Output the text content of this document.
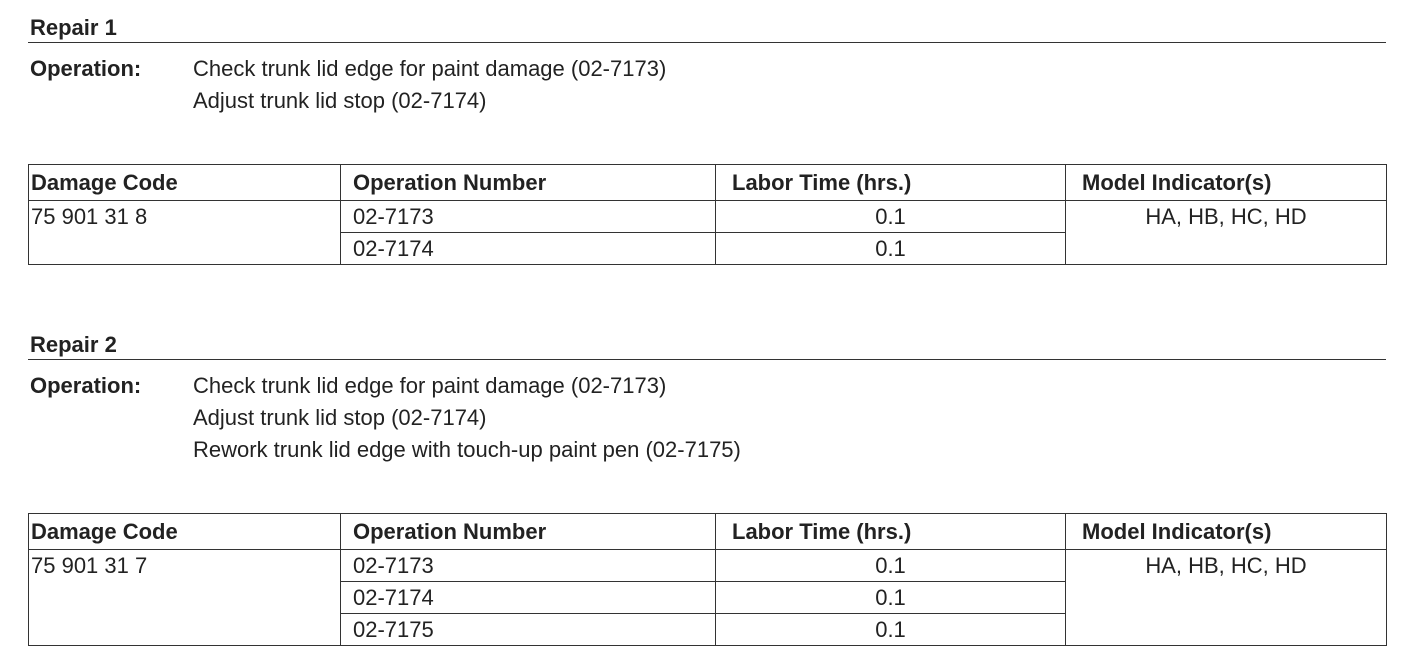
Repair 1
Operation:	Check trunk lid edge for paint damage (02-7173)
Adjust trunk lid stop (02-7174)
Damage Code	Operation Number	Labor Time (hrs.)	Model Indicator(s)
75 901 31 8	02-7173	0.1	HA, HB, HC, HD
	02-7174	0.1	
Repair 2
Operation:	Check trunk lid edge for paint damage (02-7173)
Adjust trunk lid stop (02-7174)
Rework trunk lid edge with touch-up paint pen (02-7175)
Damage Code	Operation Number	Labor Time (hrs.)	Model Indicator(s)
75 901 31 7	02-7173	0.1	HA, HB, HC, HD
	02-7174	0.1	
	02-7175	0.1	
